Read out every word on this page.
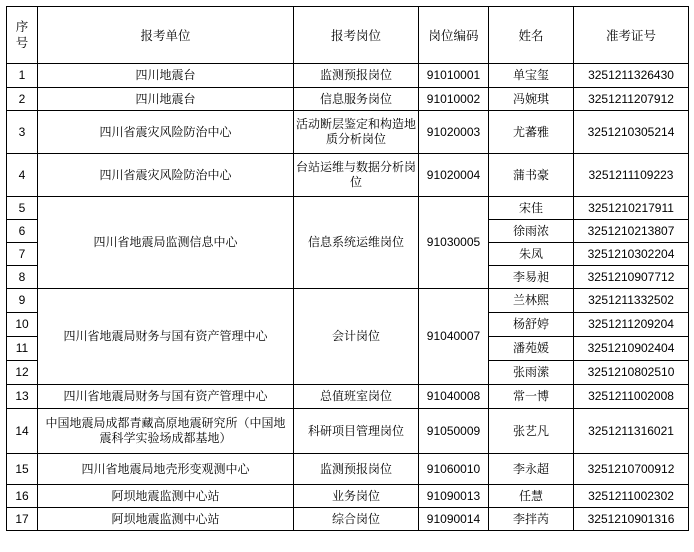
序号	报考单位	报考岗位	岗位编码	姓名	准考证号
1	四川地震台	监测预报岗位	91010001	单宝玺	3251211326430
2	四川地震台	信息服务岗位	91010002	冯婉琪	3251211207912
3	四川省震灾风险防治中心	活动断层鉴定和构造地质分析岗位	91020003	尤蕃雅	3251210305214
4	四川省震灾风险防治中心	台站运维与数据分析岗位	91020004	蒲书豪	3251211109223
5	四川省地震局监测信息中心	信息系统运维岗位	91030005	宋佳	3251210217911
6				徐雨浓	3251210213807
7				朱凤	3251210302204
8				李易昶	3251210907712
9	四川省地震局财务与国有资产管理中心	会计岗位	91040007	兰林熙	3251211332502
10				杨舒婷	3251211209204
11				潘苑媛	3251210902404
12				张雨潆	3251210802510
13	四川省地震局财务与国有资产管理中心	总值班室岗位	91040008	常一博	3251211002008
14	中国地震局成都青藏高原地震研究所（中国地震科学实验场成都基地）	科研项目管理岗位	91050009	张艺凡	3251211316021
15	四川省地震局地壳形变观测中心	监测预报岗位	91060010	李永超	3251210700912
16	阿坝地震监测中心站	业务岗位	91090013	任慧	3251211002302
17	阿坝地震监测中心站	综合岗位	91090014	李拌芮	3251210901316
